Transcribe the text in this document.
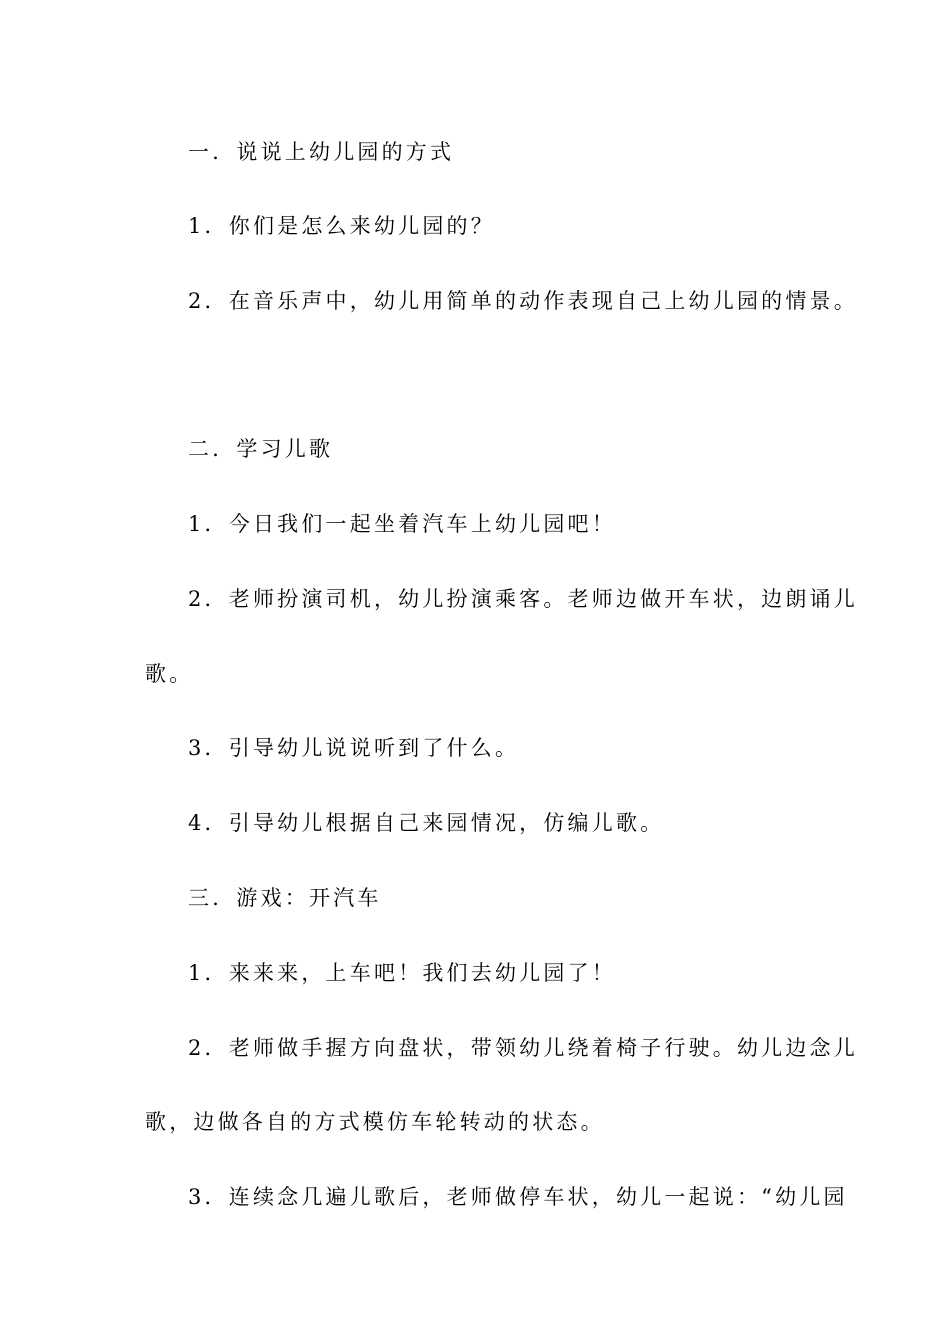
一．说说上幼儿园的方式
1．你们是怎么来幼儿园的？
2．在音乐声中，幼儿用简单的动作表现自己上幼儿园的情景。
二．学习儿歌
1．今日我们一起坐着汽车上幼儿园吧！
2．老师扮演司机，幼儿扮演乘客。老师边做开车状，边朗诵儿
歌。
3．引导幼儿说说听到了什么。
4．引导幼儿根据自己来园情况，仿编儿歌。
三．游戏：开汽车
1．来来来，上车吧！我们去幼儿园了！
2．老师做手握方向盘状，带领幼儿绕着椅子行驶。幼儿边念儿
歌，边做各自的方式模仿车轮转动的状态。
3．连续念几遍儿歌后，老师做停车状，幼儿一起说：“幼儿园
